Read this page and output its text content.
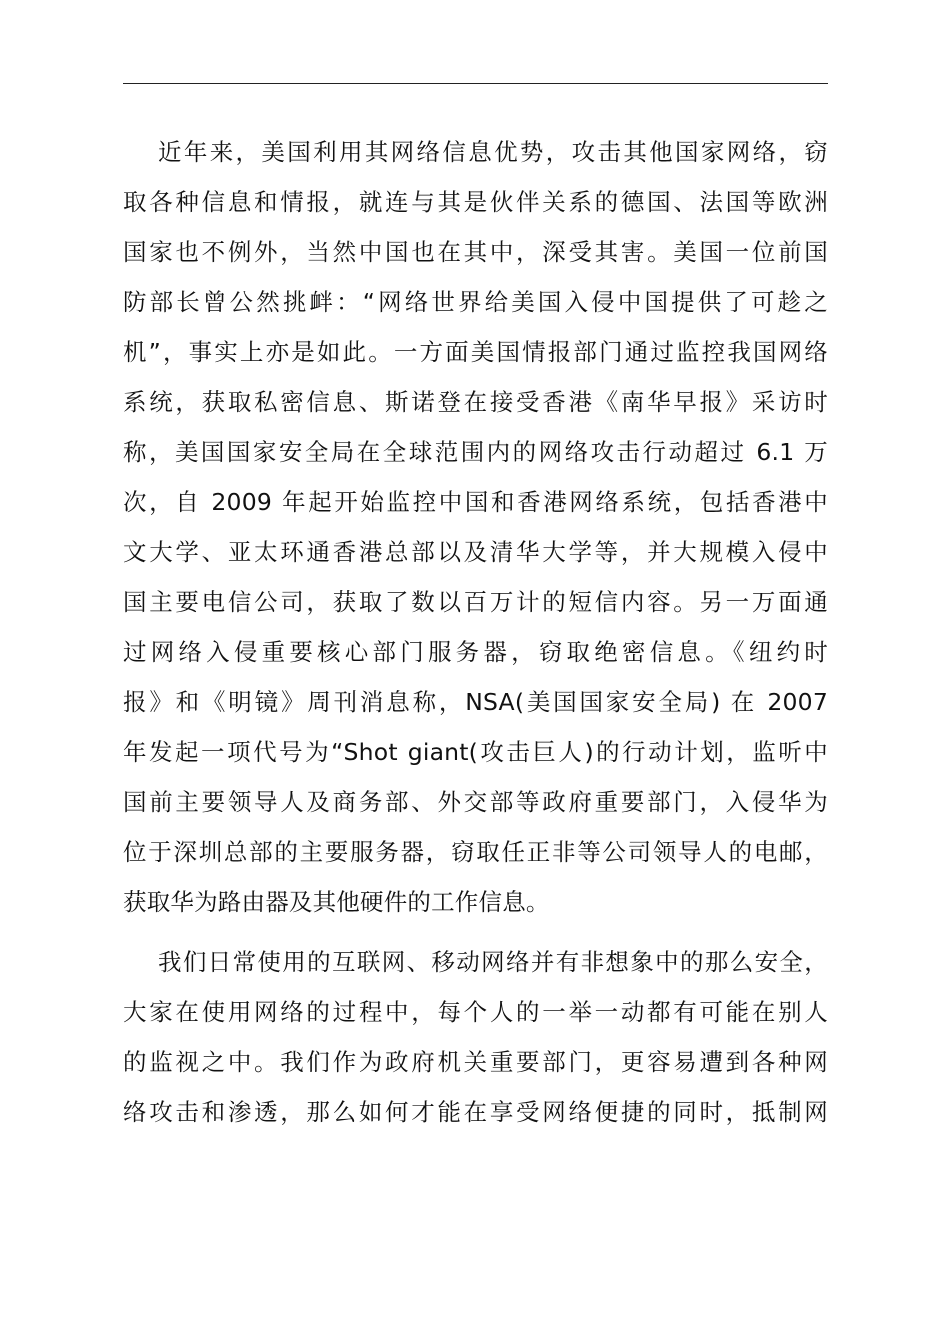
近年来，美国利用其网络信息优势，攻击其他国家网络，窃
取各种信息和情报，就连与其是伙伴关系的德国、法国等欧洲
国家也不例外，当然中国也在其中，深受其害。美国一位前国
防部长曾公然挑衅：“网络世界给美国入侵中国提供了可趁之
机”，事实上亦是如此。一方面美国情报部门通过监控我国网络
系统，获取私密信息、斯诺登在接受香港《南华早报》采访时
称，美国国家安全局在全球范围内的网络攻击行动超过 6.1 万
次，自 2009 年起开始监控中国和香港网络系统，包括香港中
文大学、亚太环通香港总部以及清华大学等，并大规模入侵中
国主要电信公司，获取了数以百万计的短信内容。另一万面通
过网络入侵重要核心部门服务器，窃取绝密信息。《纽约时
报》和《明镜》周刊消息称，NSA(美国国家安全局) 在 2007
年发起一项代号为“Shot giant(攻击巨人)的行动计划，监听中
国前主要领导人及商务部、外交部等政府重要部门，入侵华为
位于深圳总部的主要服务器，窃取任正非等公司领导人的电邮，
获取华为路由器及其他硬件的工作信息。
我们日常使用的互联网、移动网络并有非想象中的那么安全，
大家在使用网络的过程中，每个人的一举一动都有可能在别人
的监视之中。我们作为政府机关重要部门，更容易遭到各种网
络攻击和渗透，那么如何才能在享受网络便捷的同时，抵制网
